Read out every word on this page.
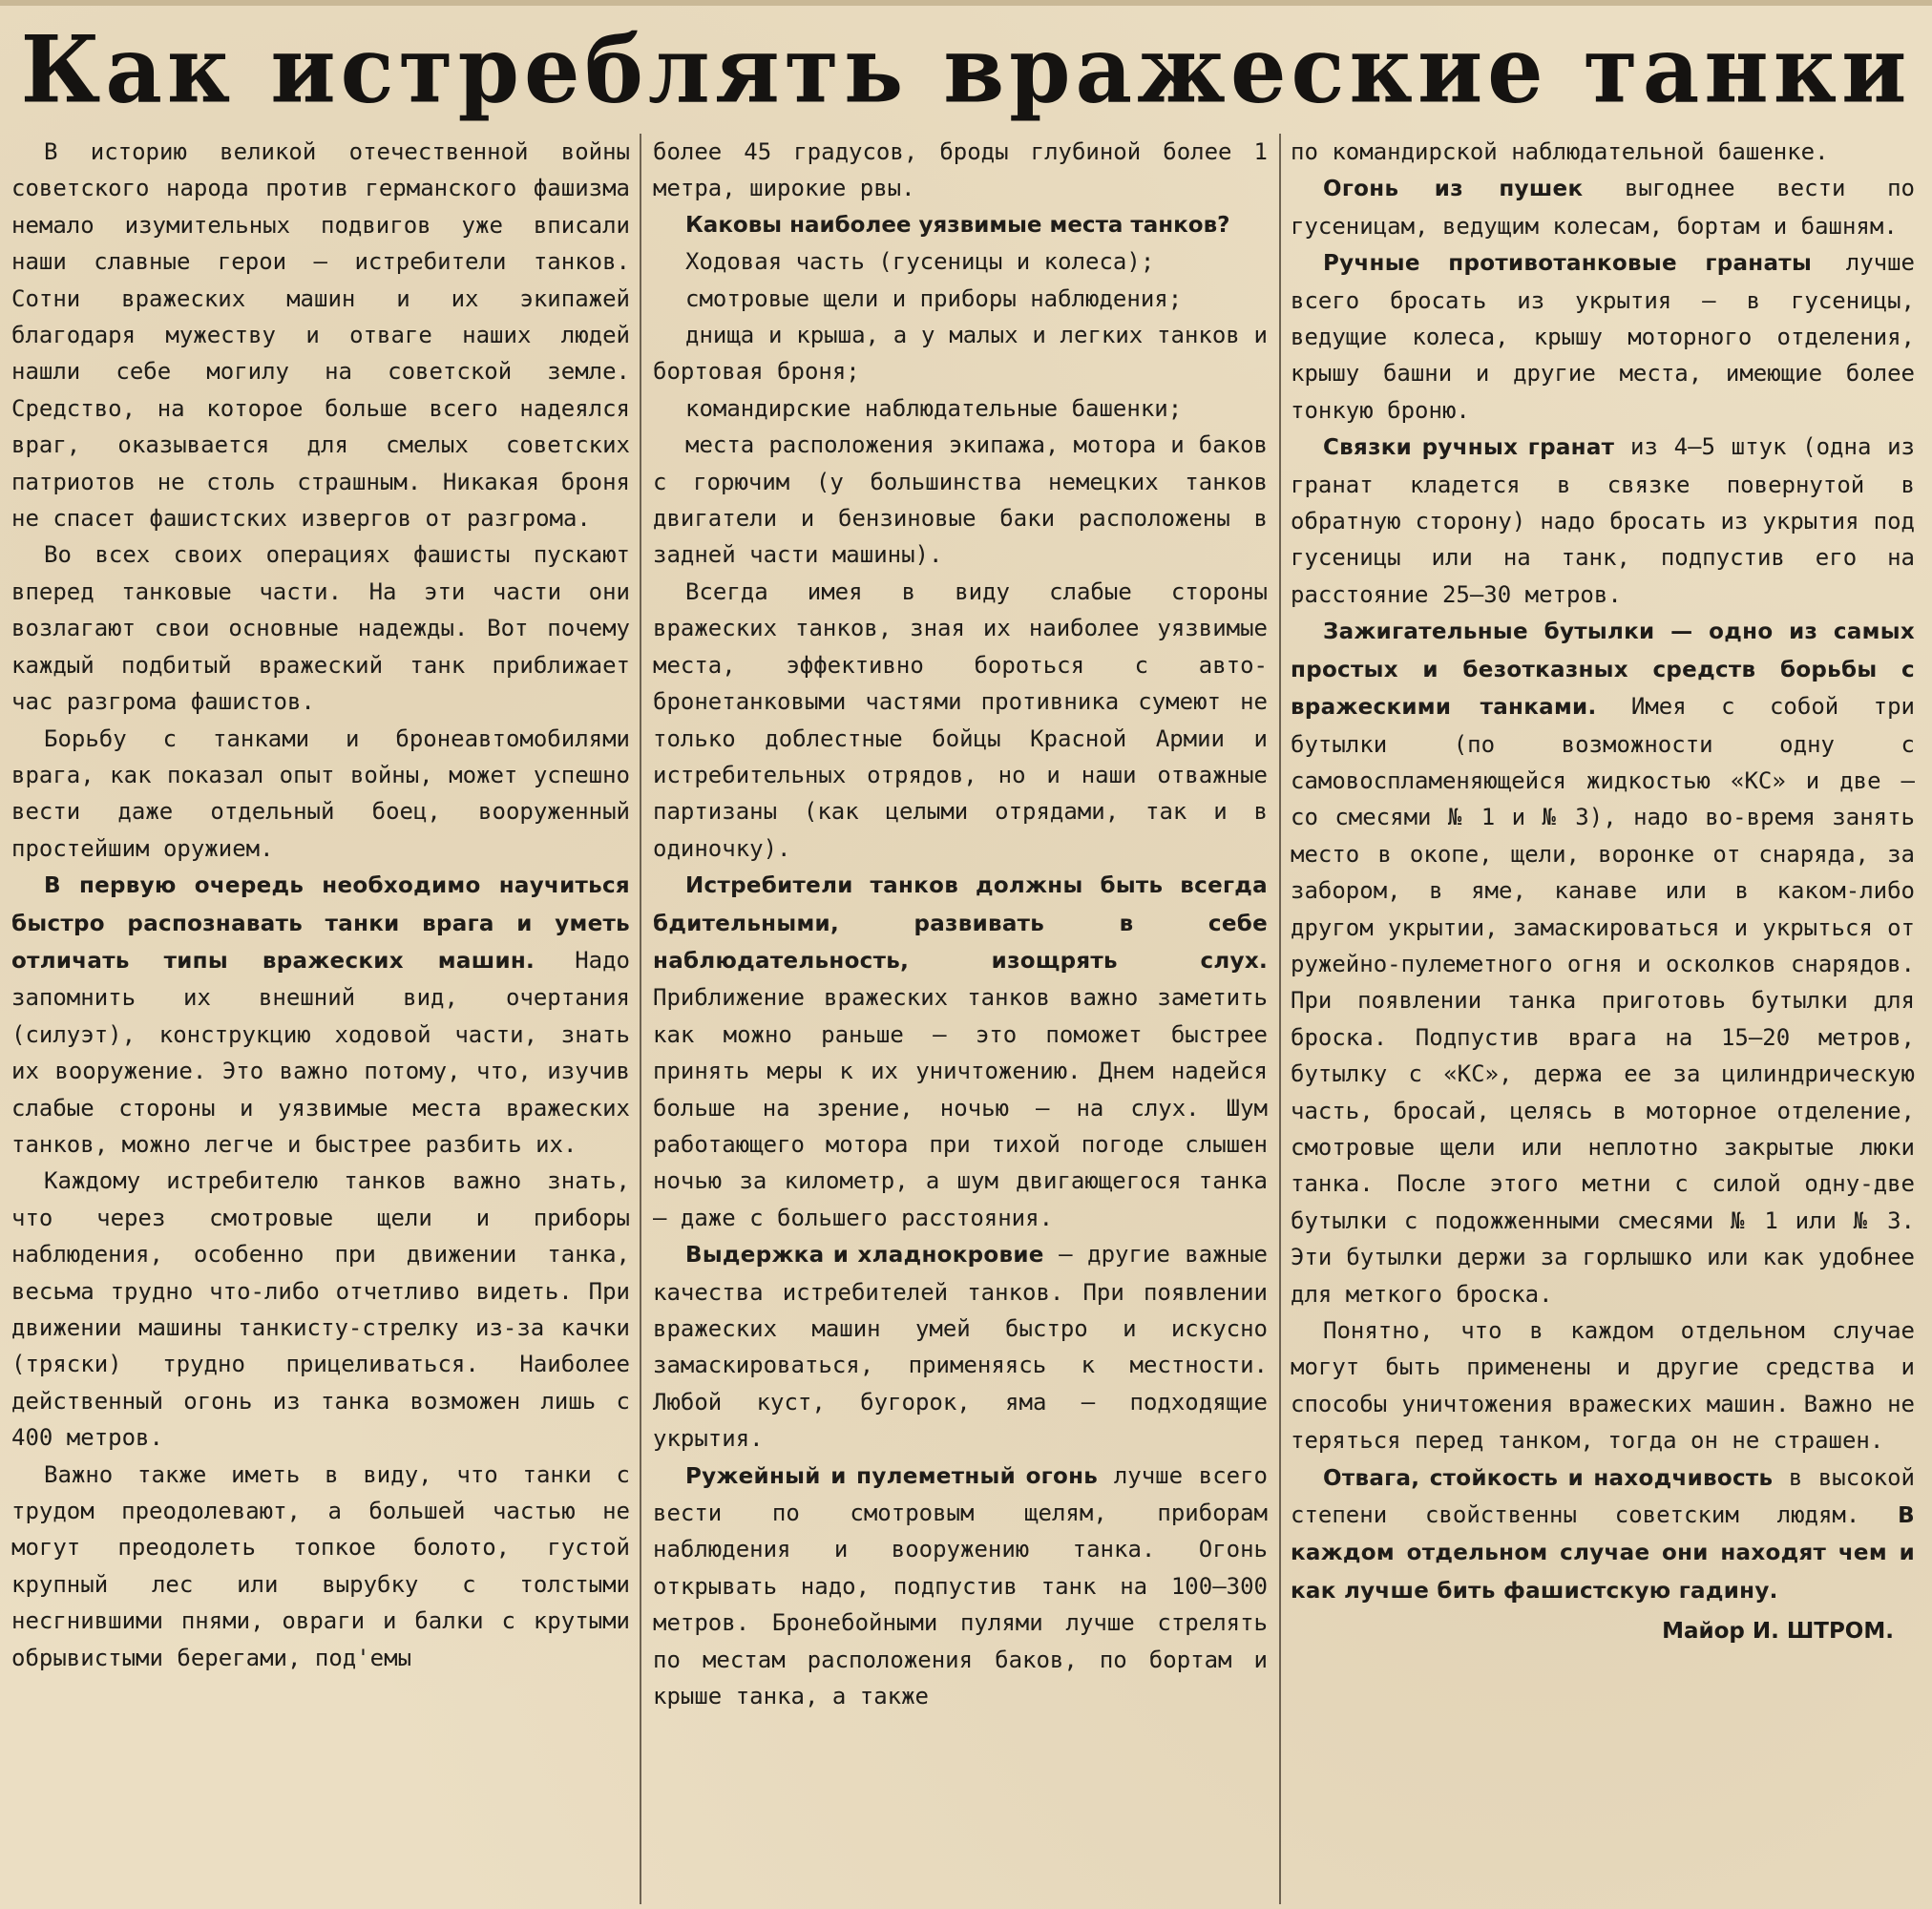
Как истреблять вражеские танки

В историю великой отечественной войны советского народа против германского фашизма немало изумительных подвигов уже вписали наши славные герои — истребители танков. Сотни вражеских машин и их экипажей благодаря мужеству и отваге наших людей нашли себе могилу на советской земле. Средство, на которое больше всего надеялся враг, оказывается для смелых советских патриотов не столь страшным. Никакая броня не спасет фашистских извергов от разгрома.

Во всех своих операциях фашисты пускают вперед танковые части. На эти части они возлагают свои основные надежды. Вот почему каждый подбитый вражеский танк приближает час разгрома фашистов.

Борьбу с танками и бронеавтомобилями врага, как показал опыт войны, может успешно вести даже отдельный боец, вооруженный простейшим оружием.

В первую очередь необходимо научиться быстро распознавать танки врага и уметь отличать типы вражеских машин. Надо запомнить их внешний вид, очертания (силуэт), конструкцию ходовой части, знать их вооружение. Это важно потому, что, изучив слабые стороны и уязвимые места вражеских танков, можно легче и быстрее разбить их.

Каждому истребителю танков важно знать, что через смотровые щели и приборы наблюдения, особенно при движении танка, весьма трудно что-либо отчетливо видеть. При движении машины танкисту-стрелку из-за качки (тряски) трудно прицеливаться. Наиболее действенный огонь из танка возможен лишь с 400 метров.

Важно также иметь в виду, что танки с трудом преодолевают, а большей частью не могут преодолеть топкое болото, густой крупный лес или вырубку с толстыми несгнившими пнями, овраги и балки с крутыми обрывистыми берегами, под'емы

более 45 градусов, броды глубиной более 1 метра, широкие рвы.

Каковы наиболее уязвимые места танков?

Ходовая часть (гусеницы и колеса);

смотровые щели и приборы наблюдения;

днища и крыша, а у малых и легких танков и бортовая броня;

командирские наблюдательные башенки;

места расположения экипажа, мотора и баков с горючим (у большинства немецких танков двигатели и бензиновые баки расположены в задней части машины).

Всегда имея в виду слабые стороны вражеских танков, зная их наиболее уязвимые места, эффективно бороться с авто-бронетанковыми частями противника сумеют не только доблестные бойцы Красной Армии и истребительных отрядов, но и наши отважные партизаны (как целыми отрядами, так и в одиночку).

Истребители танков должны быть всегда бдительными, развивать в себе наблюдательность, изощрять слух. Приближение вражеских танков важно заметить как можно раньше — это поможет быстрее принять меры к их уничтожению. Днем надейся больше на зрение, ночью — на слух. Шум работающего мотора при тихой погоде слышен ночью за километр, а шум двигающегося танка — даже с большего расстояния.

Выдержка и хладнокровие — другие важные качества истребителей танков. При появлении вражеских машин умей быстро и искусно замаскироваться, применяясь к местности. Любой куст, бугорок, яма — подходящие укрытия.

Ружейный и пулеметный огонь лучше всего вести по смотровым щелям, приборам наблюдения и вооружению танка. Огонь открывать надо, подпустив танк на 100—300 метров. Бронебойными пулями лучше стрелять по местам расположения баков, по бортам и крыше танка, а также

по командирской наблюдательной башенке.

Огонь из пушек выгоднее вести по гусеницам, ведущим колесам, бортам и башням.

Ручные противотанковые гранаты лучше всего бросать из укрытия — в гусеницы, ведущие колеса, крышу моторного отделения, крышу башни и другие места, имеющие более тонкую броню.

Связки ручных гранат из 4—5 штук (одна из гранат кладется в связке повернутой в обратную сторону) надо бросать из укрытия под гусеницы или на танк, подпустив его на расстояние 25—30 метров.

Зажигательные бутылки — одно из самых простых и безотказных средств борьбы с вражескими танками. Имея с собой три бутылки (по возможности одну с самовоспламеняющейся жидкостью «КС» и две — со смесями № 1 и № 3), надо во-время занять место в окопе, щели, воронке от снаряда, за забором, в яме, канаве или в каком-либо другом укрытии, замаскироваться и укрыться от ружейно-пулеметного огня и осколков снарядов. При появлении танка приготовь бутылки для броска. Подпустив врага на 15—20 метров, бутылку с «КС», держа ее за цилиндрическую часть, бросай, целясь в моторное отделение, смотровые щели или неплотно закрытые люки танка. После этого метни с силой одну-две бутылки с подожженными смесями № 1 или № 3. Эти бутылки держи за горлышко или как удобнее для меткого броска.

Понятно, что в каждом отдельном случае могут быть применены и другие средства и способы уничтожения вражеских машин. Важно не теряться перед танком, тогда он не страшен.

Отвага, стойкость и находчивость в высокой степени свойственны советским людям. В каждом отдельном случае они находят чем и как лучше бить фашистскую гадину.

Майор И. ШТРОМ.
